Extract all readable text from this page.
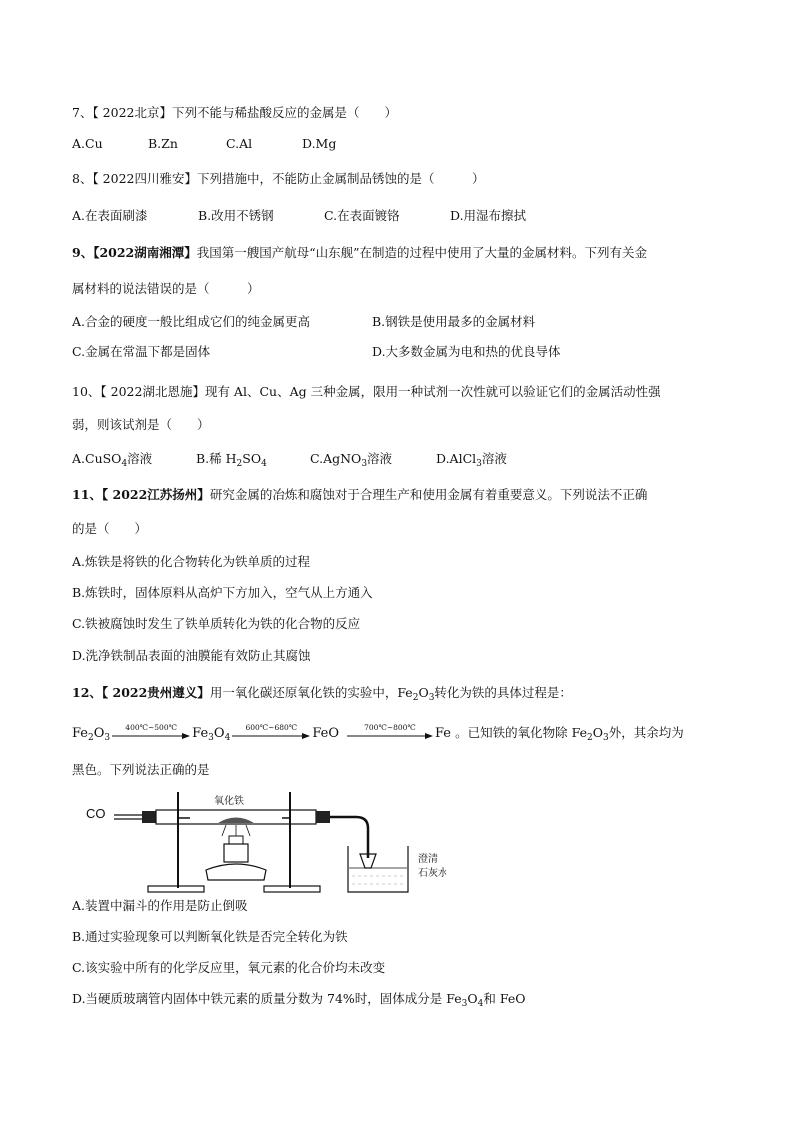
7、【 2022北京】下列不能与稀盐酸反应的金属是（　　）
A.Cu	B.Zn	C.Al	D.Mg
8、【 2022四川雅安】下列措施中，不能防止金属制品锈蚀的是（　　　）
A.在表面刷漆	B.改用不锈钢	C.在表面镀铬	D.用湿布擦拭
9、【2022湖南湘潭】我国第一艘国产航母“山东舰”在制造的过程中使用了大量的金属材料。下列有关金
属材料的说法错误的是（　　　）
A.合金的硬度一般比组成它们的纯金属更高	B.钢铁是使用最多的金属材料
C.金属在常温下都是固体	D.大多数金属为电和热的优良导体
10、【 2022湖北恩施】现有 Al、Cu、Ag 三种金属，限用一种试剂一次性就可以验证它们的金属活动性强
弱，则该试剂是（　　）
A.CuSO$_4$溶液	B.稀 $H_2SO_4$	C.AgNO$_3$溶液	D.AlCl$_3$溶液
11、【 2022江苏扬州】研究金属的冶炼和腐蚀对于合理生产和使用金属有着重要意义。下列说法不正确
的是（　　）
A.炼铁是将铁的化合物转化为铁单质的过程
B.炼铁时，固体原料从高炉下方加入，空气从上方通入
C.铁被腐蚀时发生了铁单质转化为铁的化合物的反应
D.洗净铁制品表面的油膜能有效防止其腐蚀
12、【 2022贵州遵义】用一氧化碳还原氧化铁的实验中，$Fe_2O_3$转化为铁的具体过程是：
$Fe_2O_3$
400℃~500℃	$Fe_3O_4$
600℃~680℃	FeO	700℃~800℃	Fe 。已知铁的氧化物除 $Fe_2O_3$外，其余均为
黑色。下列说法正确的是
CO
氧化铁
澄清
石灰水
A.装置中漏斗的作用是防止倒吸
B.通过实验现象可以判断氧化铁是否完全转化为铁
C.该实验中所有的化学反应里，氧元素的化合价均未改变
D.当硬质玻璃管内固体中铁元素的质量分数为 74%时，固体成分是 $Fe_3O_4$和 FeO
